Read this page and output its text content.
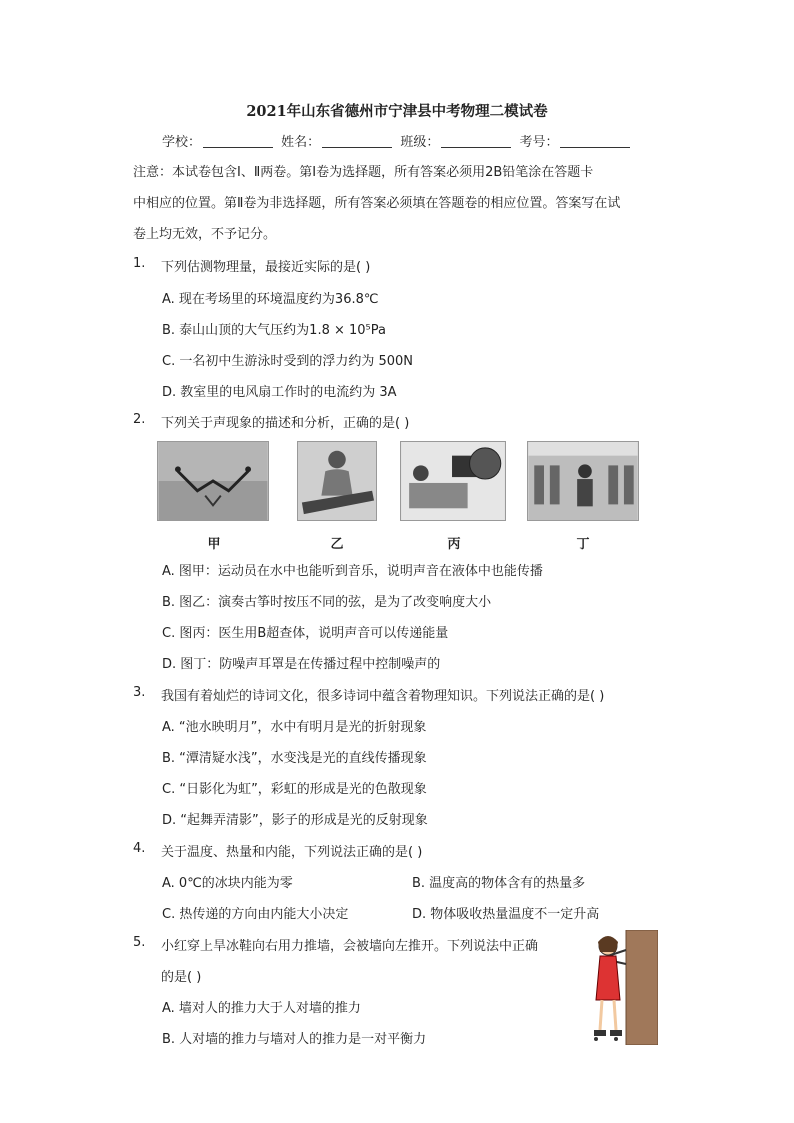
2021年山东省德州市宁津县中考物理二模试卷
学校：	姓名：	班级：	考号：
注意：本试卷包含Ⅰ、Ⅱ两卷。第Ⅰ卷为选择题，所有答案必须用2B铅笔涂在答题卡
中相应的位置。第Ⅱ卷为非选择题，所有答案必须填在答题卷的相应位置。答案写在试
卷上均无效，不予记分。
1. 下列估测物理量，最接近实际的是( )
A. 现在考场里的环境温度约为36.8℃
B. 泰山山顶的大气压约为1.8 × 10⁵Pa
C. 一名初中生游泳时受到的浮力约为 500N
D. 教室里的电风扇工作时的电流约为 3A
2. 下列关于声现象的描述和分析，正确的是( )
甲	乙	丙	丁
A. 图甲：运动员在水中也能听到音乐，说明声音在液体中也能传播
B. 图乙：演奏古筝时按压不同的弦，是为了改变响度大小
C. 图丙：医生用B超查体，说明声音可以传递能量
D. 图丁：防噪声耳罩是在传播过程中控制噪声的
3. 我国有着灿烂的诗词文化，很多诗词中蕴含着物理知识。下列说法正确的是( )
A. “池水映明月”，水中有明月是光的折射现象
B. “潭清疑水浅”，水变浅是光的直线传播现象
C. “日影化为虹”，彩虹的形成是光的色散现象
D. “起舞弄清影”，影子的形成是光的反射现象
4. 关于温度、热量和内能，下列说法正确的是( )
A. 0℃的冰块内能为零	B. 温度高的物体含有的热量多
C. 热传递的方向由内能大小决定	D. 物体吸收热量温度不一定升高
5. 小红穿上旱冰鞋向右用力推墙，会被墙向左推开。下列说法中正确
的是( )
A. 墙对人的推力大于人对墙的推力
B. 人对墙的推力与墙对人的推力是一对平衡力
